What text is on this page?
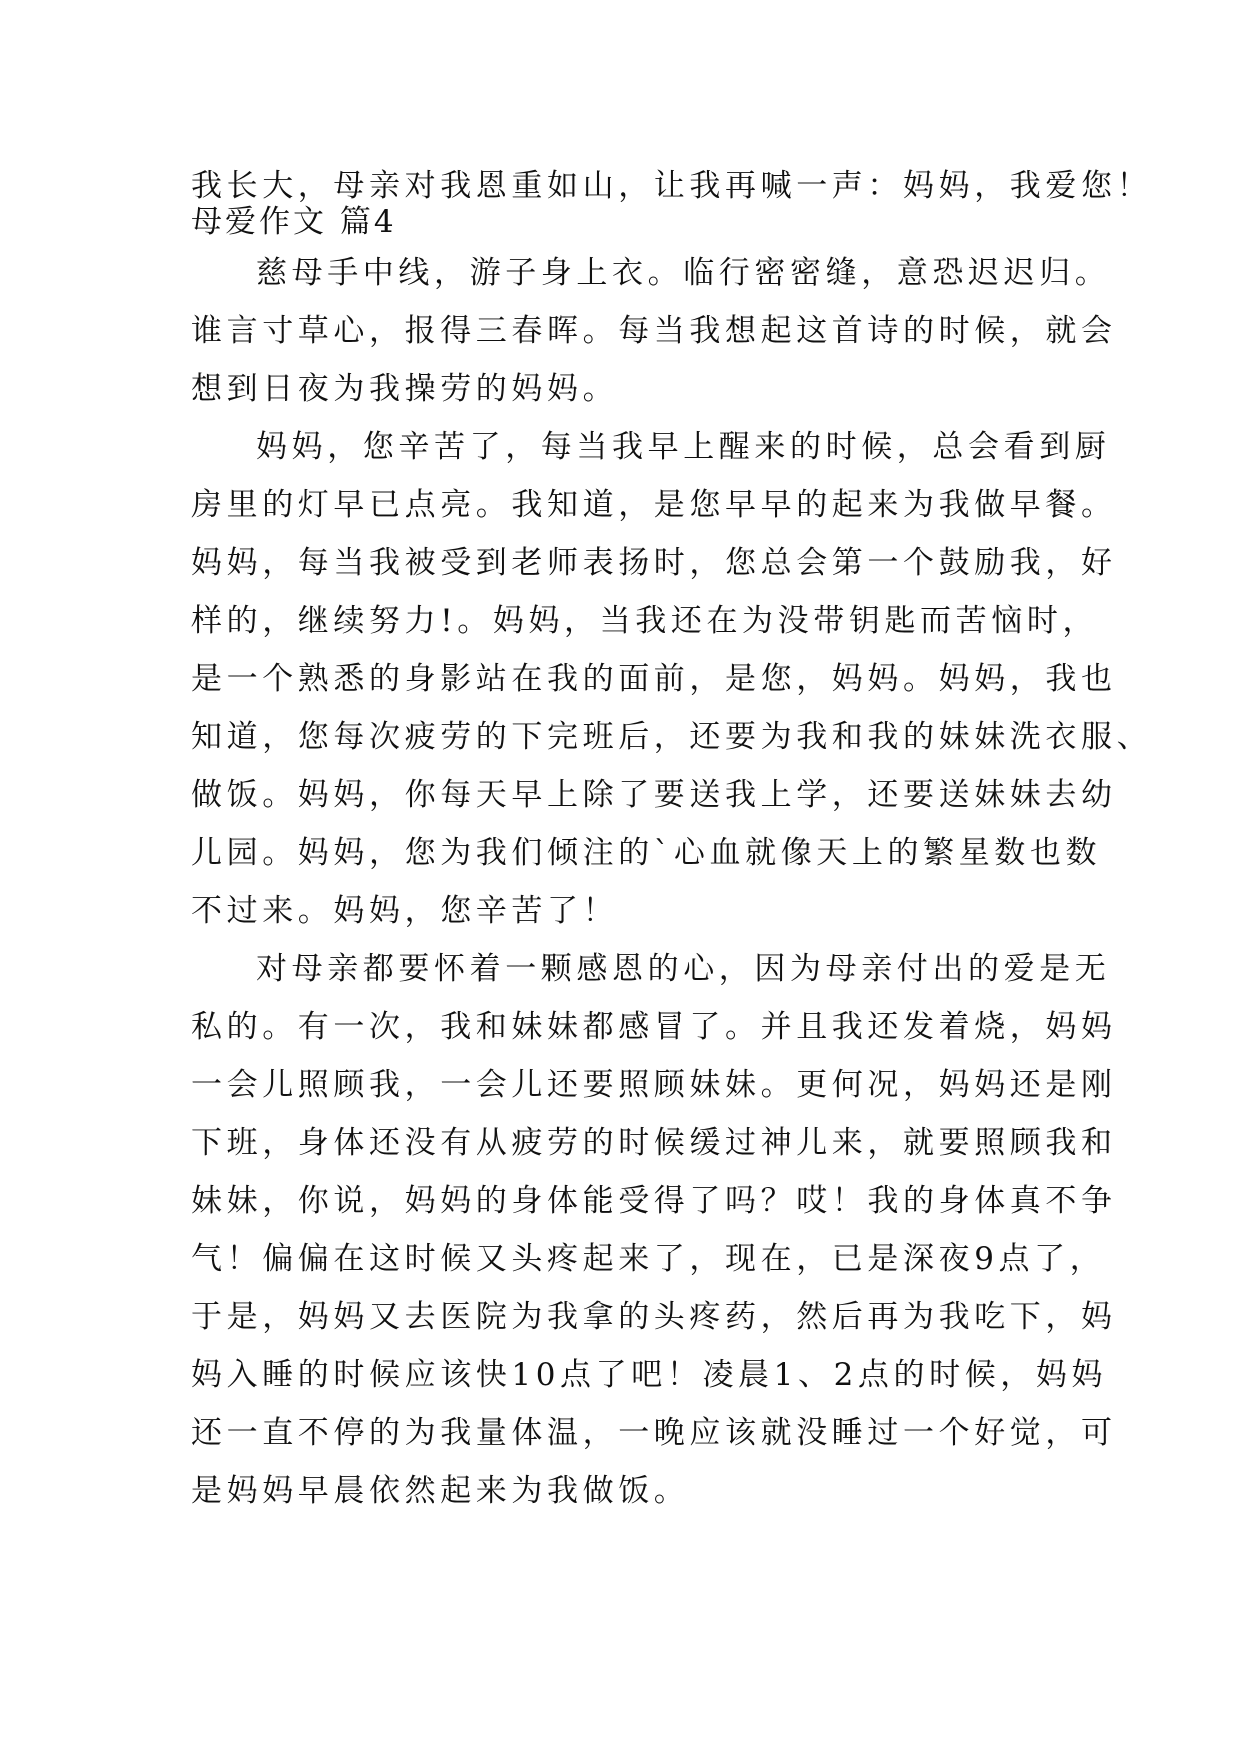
我长大，母亲对我恩重如山，让我再喊一声：妈妈，我爱您！
母爱作文 篇4
慈母手中线，游子身上衣。临行密密缝，意恐迟迟归。
谁言寸草心，报得三春晖。每当我想起这首诗的时候，就会
想到日夜为我操劳的妈妈。
妈妈，您辛苦了，每当我早上醒来的时候，总会看到厨
房里的灯早已点亮。我知道，是您早早的起来为我做早餐。
妈妈，每当我被受到老师表扬时，您总会第一个鼓励我，好
样的，继续努力!。妈妈，当我还在为没带钥匙而苦恼时，
是一个熟悉的身影站在我的面前，是您，妈妈。妈妈，我也
知道，您每次疲劳的下完班后，还要为我和我的妹妹洗衣服、
做饭。妈妈，你每天早上除了要送我上学，还要送妹妹去幼
儿园。妈妈，您为我们倾注的`心血就像天上的繁星数也数
不过来。妈妈，您辛苦了！
对母亲都要怀着一颗感恩的心，因为母亲付出的爱是无
私的。有一次，我和妹妹都感冒了。并且我还发着烧，妈妈
一会儿照顾我，一会儿还要照顾妹妹。更何况，妈妈还是刚
下班，身体还没有从疲劳的时候缓过神儿来，就要照顾我和
妹妹，你说，妈妈的身体能受得了吗？哎！我的身体真不争
气！偏偏在这时候又头疼起来了，现在，已是深夜9点了，
于是，妈妈又去医院为我拿的头疼药，然后再为我吃下，妈
妈入睡的时候应该快10点了吧！凌晨1、2点的时候，妈妈
还一直不停的为我量体温，一晚应该就没睡过一个好觉，可
是妈妈早晨依然起来为我做饭。
